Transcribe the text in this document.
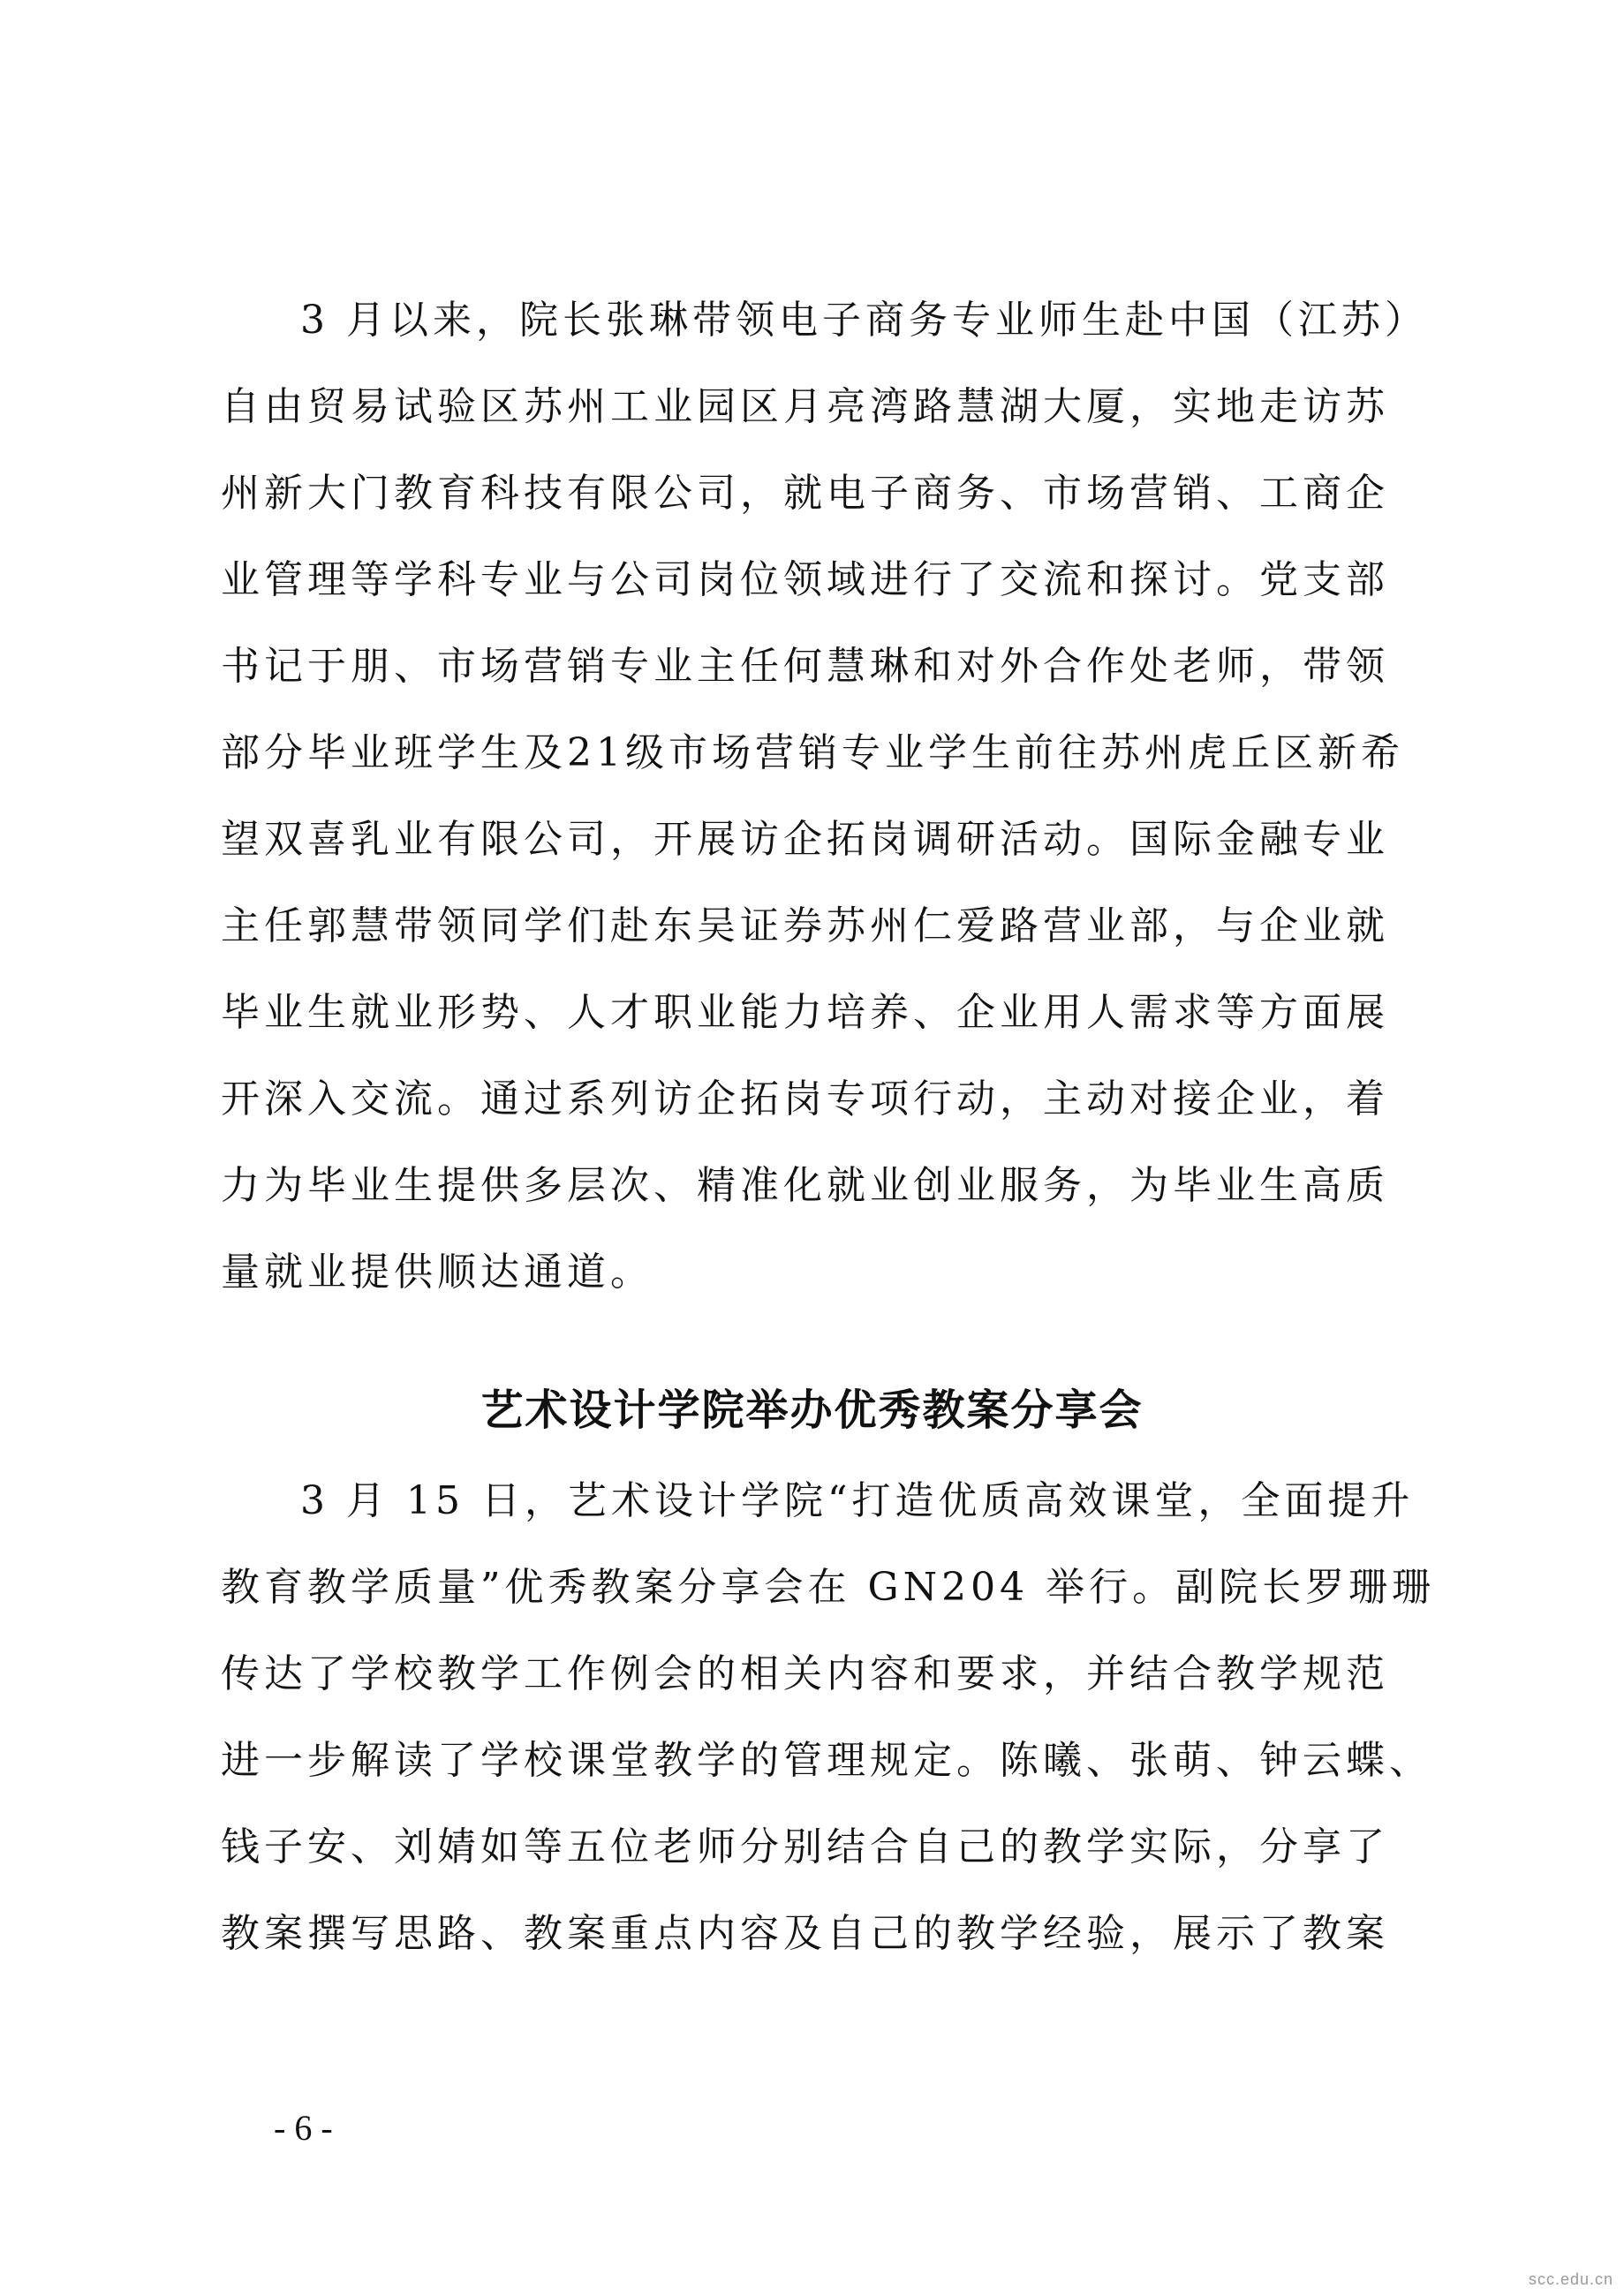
3 月以来，院长张琳带领电子商务专业师生赴中国（江苏）
自由贸易试验区苏州工业园区月亮湾路慧湖大厦，实地走访苏
州新大门教育科技有限公司，就电子商务、市场营销、工商企
业管理等学科专业与公司岗位领域进行了交流和探讨。党支部
书记于朋、市场营销专业主任何慧琳和对外合作处老师，带领
部分毕业班学生及21级市场营销专业学生前往苏州虎丘区新希
望双喜乳业有限公司，开展访企拓岗调研活动。国际金融专业
主任郭慧带领同学们赴东吴证券苏州仁爱路营业部，与企业就
毕业生就业形势、人才职业能力培养、企业用人需求等方面展
开深入交流。通过系列访企拓岗专项行动，主动对接企业，着
力为毕业生提供多层次、精准化就业创业服务，为毕业生高质
量就业提供顺达通道。
艺术设计学院举办优秀教案分享会
3 月 15 日，艺术设计学院“打造优质高效课堂，全面提升
教育教学质量”优秀教案分享会在 GN204 举行。副院长罗珊珊
传达了学校教学工作例会的相关内容和要求，并结合教学规范
进一步解读了学校课堂教学的管理规定。陈曦、张萌、钟云蝶、
钱子安、刘婧如等五位老师分别结合自己的教学实际，分享了
教案撰写思路、教案重点内容及自己的教学经验，展示了教案
- 6 -
scc.edu.cn
